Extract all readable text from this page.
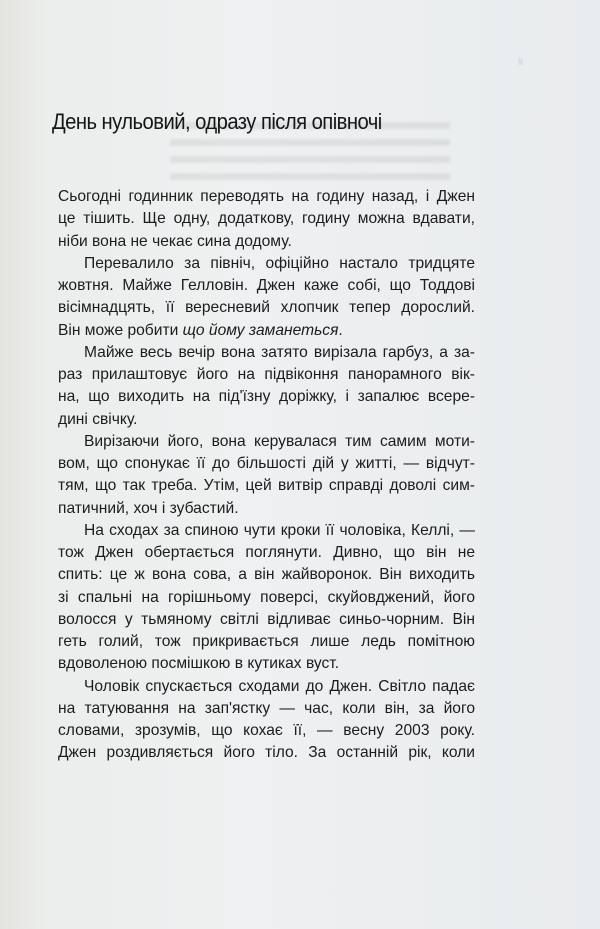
День нульовий, одразу після опівночі

Сьогодні годинник переводять на годину назад, і Джен
це тішить. Ще одну, додаткову, годину можна вдавати,
ніби вона не чекає сина додому.

Перевалило за північ, офіційно настало тридцяте
жовтня. Майже Гелловін. Джен каже собі, що Тоддові
вісімнадцять, її вересневий хлопчик тепер дорослий.
Він може робити що йому заманеться.

Майже весь вечір вона затято вирізала гарбуз, а за-
раз прилаштовує його на підвіконня панорамного вік-
на, що виходить на під'їзну доріжку, і запалює всере-
дині свічку.

Вирізаючи його, вона керувалася тим самим моти-
вом, що спонукає її до більшості дій у житті, — відчут-
тям, що так треба. Утім, цей витвір справді доволі сим-
патичний, хоч і зубастий.

На сходах за спиною чути кроки її чоловіка, Келлі, —
тож Джен обертається поглянути. Дивно, що він не
спить: це ж вона сова, а він жайворонок. Він виходить
зі спальні на горішньому поверсі, скуйовджений, його
волосся у тьмяному світлі відливає синьо-чорним. Він
геть голий, тож прикривається лише ледь помітною
вдоволеною посмішкою в кутиках вуст.

Чоловік спускається сходами до Джен. Світло падає
на татуювання на зап'ястку — час, коли він, за його
словами, зрозумів, що кохає її, — весну 2003 року.
Джен роздивляється його тіло. За останній рік, коли
